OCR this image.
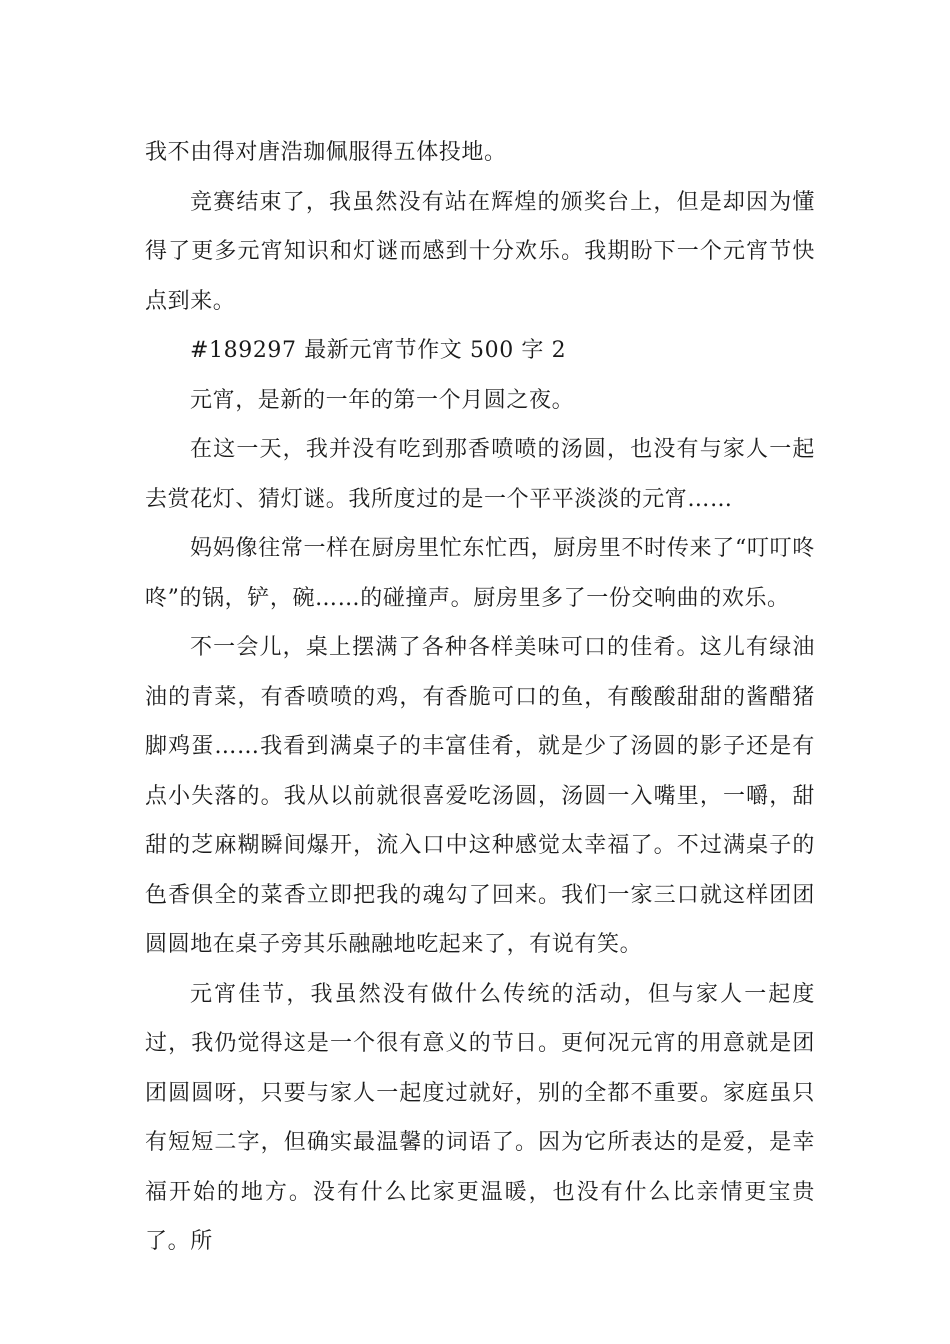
我不由得对唐浩珈佩服得五体投地。

竞赛结束了，我虽然没有站在辉煌的颁奖台上，但是却因为懂得了更多元宵知识和灯谜而感到十分欢乐。我期盼下一个元宵节快点到来。

#189297 最新元宵节作文 500 字 2

元宵，是新的一年的第一个月圆之夜。

在这一天，我并没有吃到那香喷喷的汤圆，也没有与家人一起去赏花灯、猜灯谜。我所度过的是一个平平淡淡的元宵……

妈妈像往常一样在厨房里忙东忙西，厨房里不时传来了“叮叮咚咚”的锅，铲，碗……的碰撞声。厨房里多了一份交响曲的欢乐。

不一会儿，桌上摆满了各种各样美味可口的佳肴。这儿有绿油油的青菜，有香喷喷的鸡，有香脆可口的鱼，有酸酸甜甜的酱醋猪脚鸡蛋……我看到满桌子的丰富佳肴，就是少了汤圆的影子还是有点小失落的。我从以前就很喜爱吃汤圆，汤圆一入嘴里，一嚼，甜甜的芝麻糊瞬间爆开，流入口中这种感觉太幸福了。不过满桌子的色香俱全的菜香立即把我的魂勾了回来。我们一家三口就这样团团圆圆地在桌子旁其乐融融地吃起来了，有说有笑。

元宵佳节，我虽然没有做什么传统的活动，但与家人一起度过，我仍觉得这是一个很有意义的节日。更何况元宵的用意就是团团圆圆呀，只要与家人一起度过就好，别的全都不重要。家庭虽只有短短二字，但确实最温馨的词语了。因为它所表达的是爱，是幸福开始的地方。没有什么比家更温暖，也没有什么比亲情更宝贵了。所
